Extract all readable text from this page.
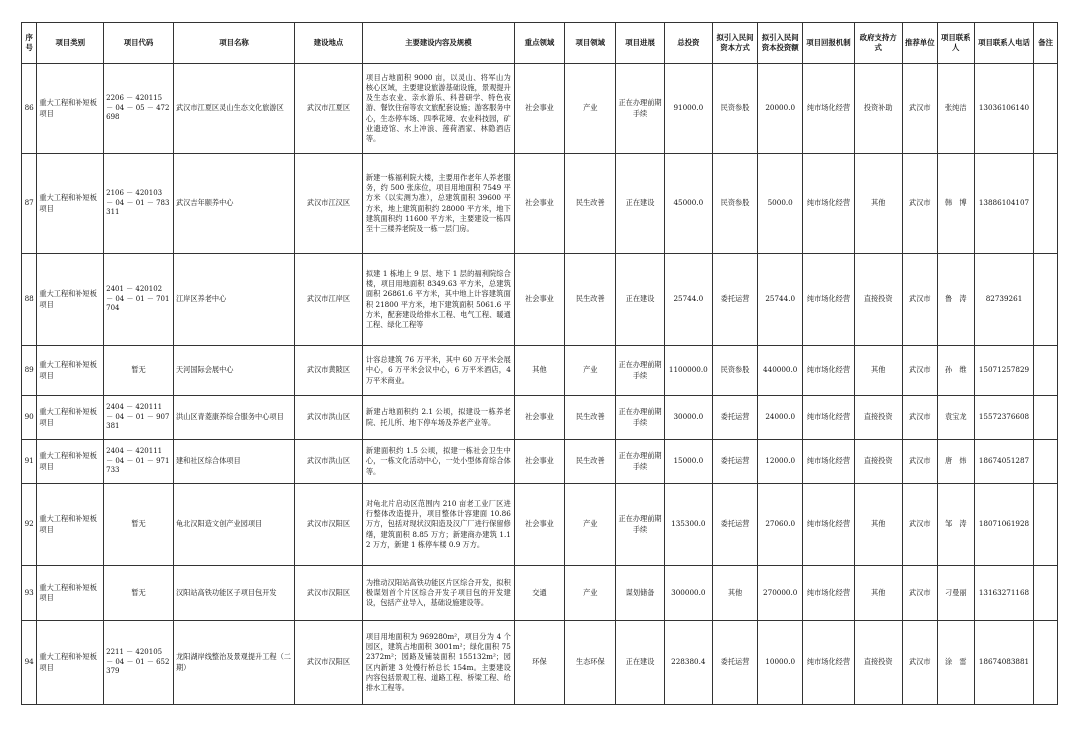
序号	项目类别	项目代码	项目名称	建设地点	主要建设内容及规模	重点领域	项目领域	项目进展	总投资	拟引入民间资本方式	拟引入民间资本投资额	项目回报机制	政府支持方式	推荐单位	项目联系人	项目联系人电话	备注
86	重大工程和补短板项目	2206 － 420115 － 04 － 05 － 472698	武汉市江夏区灵山生态文化旅游区	武汉市江夏区	项目占地面积 9000 亩，以灵山、将军山为核心区域，主要建设旅游基础设施，景观提升及生态农业、亲水游乐、科普研学、特色夜游、餐饮住宿等农文旅配套设施；游客服务中心，生态停车场、四季花境、农业科技园，矿业遗迹馆、水上冲浪、莲荷酒家、林隐酒店等。	社会事业	产业	正在办理前期手续	91000.0	民资参股	20000.0	纯市场化经营	投资补助	武汉市	张纯洁	13036106140	
87	重大工程和补短板项目	2106 － 420103 － 04 － 01 － 783311	武汉吉年颐养中心	武汉市江汉区	新建一栋福利院大楼，主要用作老年人养老服务，约 500 张床位，项目用地面积 7549 平方米（以实测为准），总建筑面积 39600 平方米，地上建筑面积约 28000 平方米，地下建筑面积约 11600 平方米，主要建设一栋四至十三楼养老院及一栋一层门房。	社会事业	民生改善	正在建设	45000.0	民资参股	5000.0	纯市场化经营	其他	武汉市	韩　博	13886104107	
88	重大工程和补短板项目	2401 － 420102 － 04 － 01 － 701704	江岸区养老中心	武汉市江岸区	拟建 1 栋地上 9 层、地下 1 层的福利院综合楼，项目用地面积 8349.63 平方米，总建筑面积 26861.6 平方米，其中地上计容建筑面积 21800 平方米，地下建筑面积 5061.6 平方米，配套建设给排水工程、电气工程、暖通工程、绿化工程等	社会事业	民生改善	正在建设	25744.0	委托运营	25744.0	纯市场化经营	直接投资	武汉市	鲁　涛	82739261	
89	重大工程和补短板项目	暂无	天河国际会展中心	武汉市黄陂区	计容总建筑 76 万平米，其中 60 万平米会展中心，6 万平米会议中心，6 万平米酒店，4 万平米商业。	其他	产业	正在办理前期手续	1100000.0	民资参股	440000.0	纯市场化经营	其他	武汉市	孙　维	15071257829	
90	重大工程和补短板项目	2404 － 420111 － 04 － 01 － 907381	洪山区青菱康养综合服务中心项目	武汉市洪山区	新建占地面积约 2.1 公顷，拟建设一栋养老院、托儿所、地下停车场及养老产业等。	社会事业	民生改善	正在办理前期手续	30000.0	委托运营	24000.0	纯市场化经营	直接投资	武汉市	袁宝龙	15572376608	
91	重大工程和补短板项目	2404 － 420111 － 04 － 01 － 971733	建和社区综合体项目	武汉市洪山区	新建面积约 1.5 公顷，拟建一栋社会卫生中心，一栋文化活动中心，一处小型体育综合体等。	社会事业	民生改善	正在办理前期手续	15000.0	委托运营	12000.0	纯市场化经营	直接投资	武汉市	唐　炜	18674051287	
92	重大工程和补短板项目	暂无	龟北汉阳造文创产业园项目	武汉市汉阳区	对龟北片启动区范围内 210 亩老工业厂区进行整体改造提升，项目整体计容建面 10.86 万方，包括对现状汉阳造及汉广厂进行保留修缮，建筑面积 8.85 万方；新建商办建筑 1.12 万方，新建 1 栋停车楼 0.9 万方。	社会事业	产业	正在办理前期手续	135300.0	委托运营	27060.0	纯市场化经营	其他	武汉市	邹　涛	18071061928	
93	重大工程和补短板项目	暂无	汉阳站高铁功能区子项目包开发	武汉市汉阳区	为推动汉阳站高铁功能区片区综合开发，拟积极谋划首个片区综合开发子项目包的开发建设，包括产业导入，基础设施建设等。	交通	产业	谋划储备	300000.0	其他	270000.0	纯市场化经营	其他	武汉市	刁曼丽	13163271168	
94	重大工程和补短板项目	2211 － 420105 － 04 － 01 － 652379	龙阳湖岸线整治及景观提升工程（二期）	武汉市汉阳区	项目用地面积为 969280m²，项目分为 4 个园区，建筑占地面积 3001m²；绿化面积 752372m²；园路及铺装面积 155132m²；园区内新建 3 处慢行桥总长 154m。主要建设内容包括景观工程、道路工程、桥梁工程、给排水工程等。	环保	生态环保	正在建设	228380.4	委托运营	10000.0	纯市场化经营	直接投资	武汉市	涂　雷	18674083881	
